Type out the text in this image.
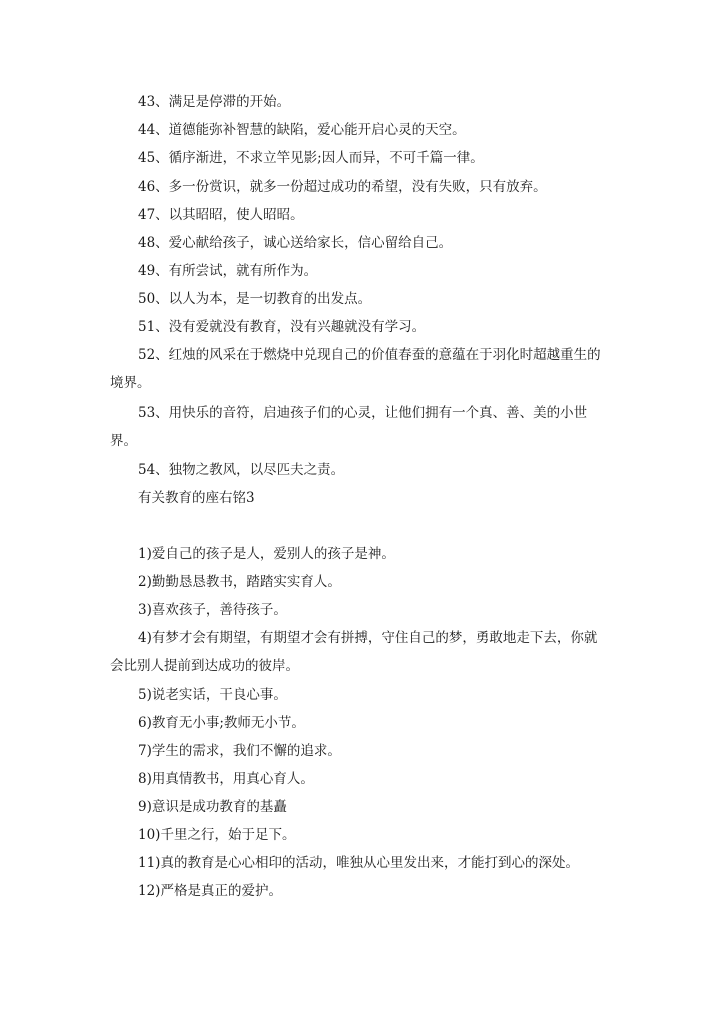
43、满足是停滞的开始。

44、道德能弥补智慧的缺陷，爱心能开启心灵的天空。

45、循序渐进，不求立竿见影;因人而异，不可千篇一律。

46、多一份赏识，就多一份超过成功的希望，没有失败，只有放弃。

47、以其昭昭，使人昭昭。

48、爱心献给孩子，诚心送给家长，信心留给自己。

49、有所尝试，就有所作为。

50、以人为本，是一切教育的出发点。

51、没有爱就没有教育，没有兴趣就没有学习。

52、红烛的风采在于燃烧中兑现自己的价值春蚕的意蕴在于羽化时超越重生的境界。

53、用快乐的音符，启迪孩子们的心灵，让他们拥有一个真、善、美的小世界。

54、独物之教风，以尽匹夫之责。

有关教育的座右铭3

1)爱自己的孩子是人，爱别人的孩子是神。

2)勤勤恳恳教书，踏踏实实育人。

3)喜欢孩子，善待孩子。

4)有梦才会有期望，有期望才会有拼搏，守住自己的梦，勇敢地走下去，你就会比别人提前到达成功的彼岸。

5)说老实话，干良心事。

6)教育无小事;教师无小节。

7)学生的需求，我们不懈的追求。

8)用真情教书，用真心育人。

9)意识是成功教育的基矗

10)千里之行，始于足下。

11)真的教育是心心相印的活动，唯独从心里发出来，才能打到心的深处。

12)严格是真正的爱护。
